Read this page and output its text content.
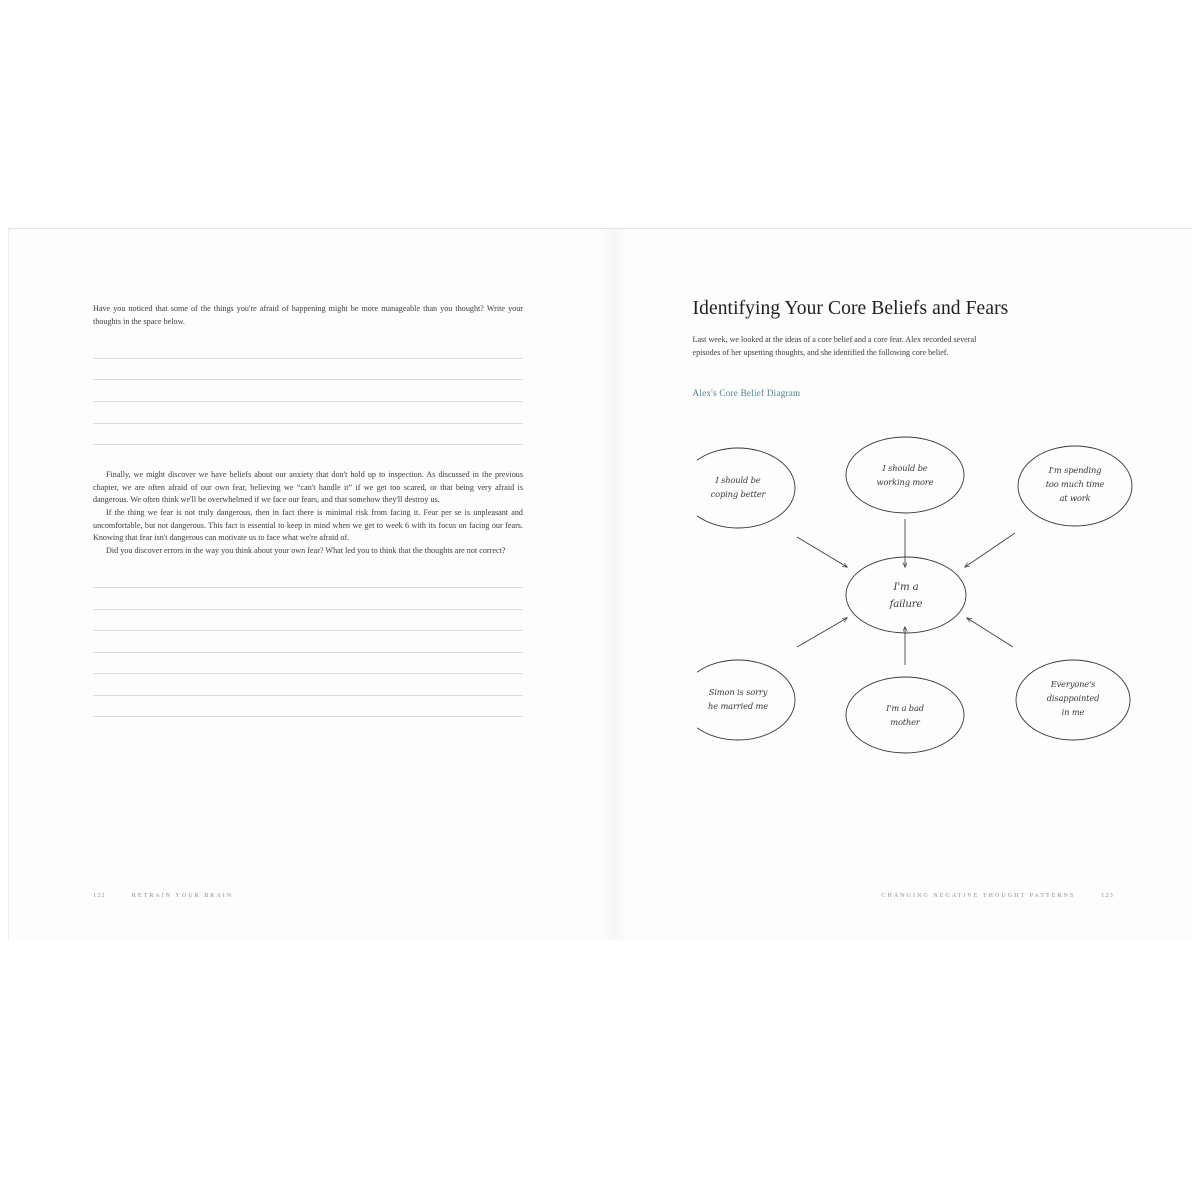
Have you noticed that some of the things you're afraid of happening might be more manageable than you thought? Write your thoughts in the space below.

Finally, we might discover we have beliefs about our anxiety that don't hold up to inspection. As discussed in the previous chapter, we are often afraid of our own fear, believing we “can't handle it” if we get too scared, or that being very afraid is dangerous. We often think we'll be overwhelmed if we face our fears, and that somehow they'll destroy us.

If the thing we fear is not truly dangerous, then in fact there is minimal risk from facing it. Fear per se is unpleasant and uncomfortable, but not dangerous. This fact is essential to keep in mind when we get to week 6 with its focus on facing our fears. Knowing that fear isn't dangerous can motivate us to face what we're afraid of.

Did you discover errors in the way you think about your own fear? What led you to think that the thoughts are not correct?

122	RETRAIN YOUR BRAIN
Identifying Your Core Beliefs and Fears

Last week, we looked at the ideas of a core belief and a core fear. Alex recorded several episodes of her upsetting thoughts, and she identified the following core belief.

Alex's Core Belief Diagram

I'm a
failure
I should be
working more
I'm spending
too much time
at work
Everyone's
disappointed
in me
I'm a bad
mother
Simon is sorry
he married me
I should be
coping better
CHANGING NEGATIVE THOUGHT PATTERNS	123
